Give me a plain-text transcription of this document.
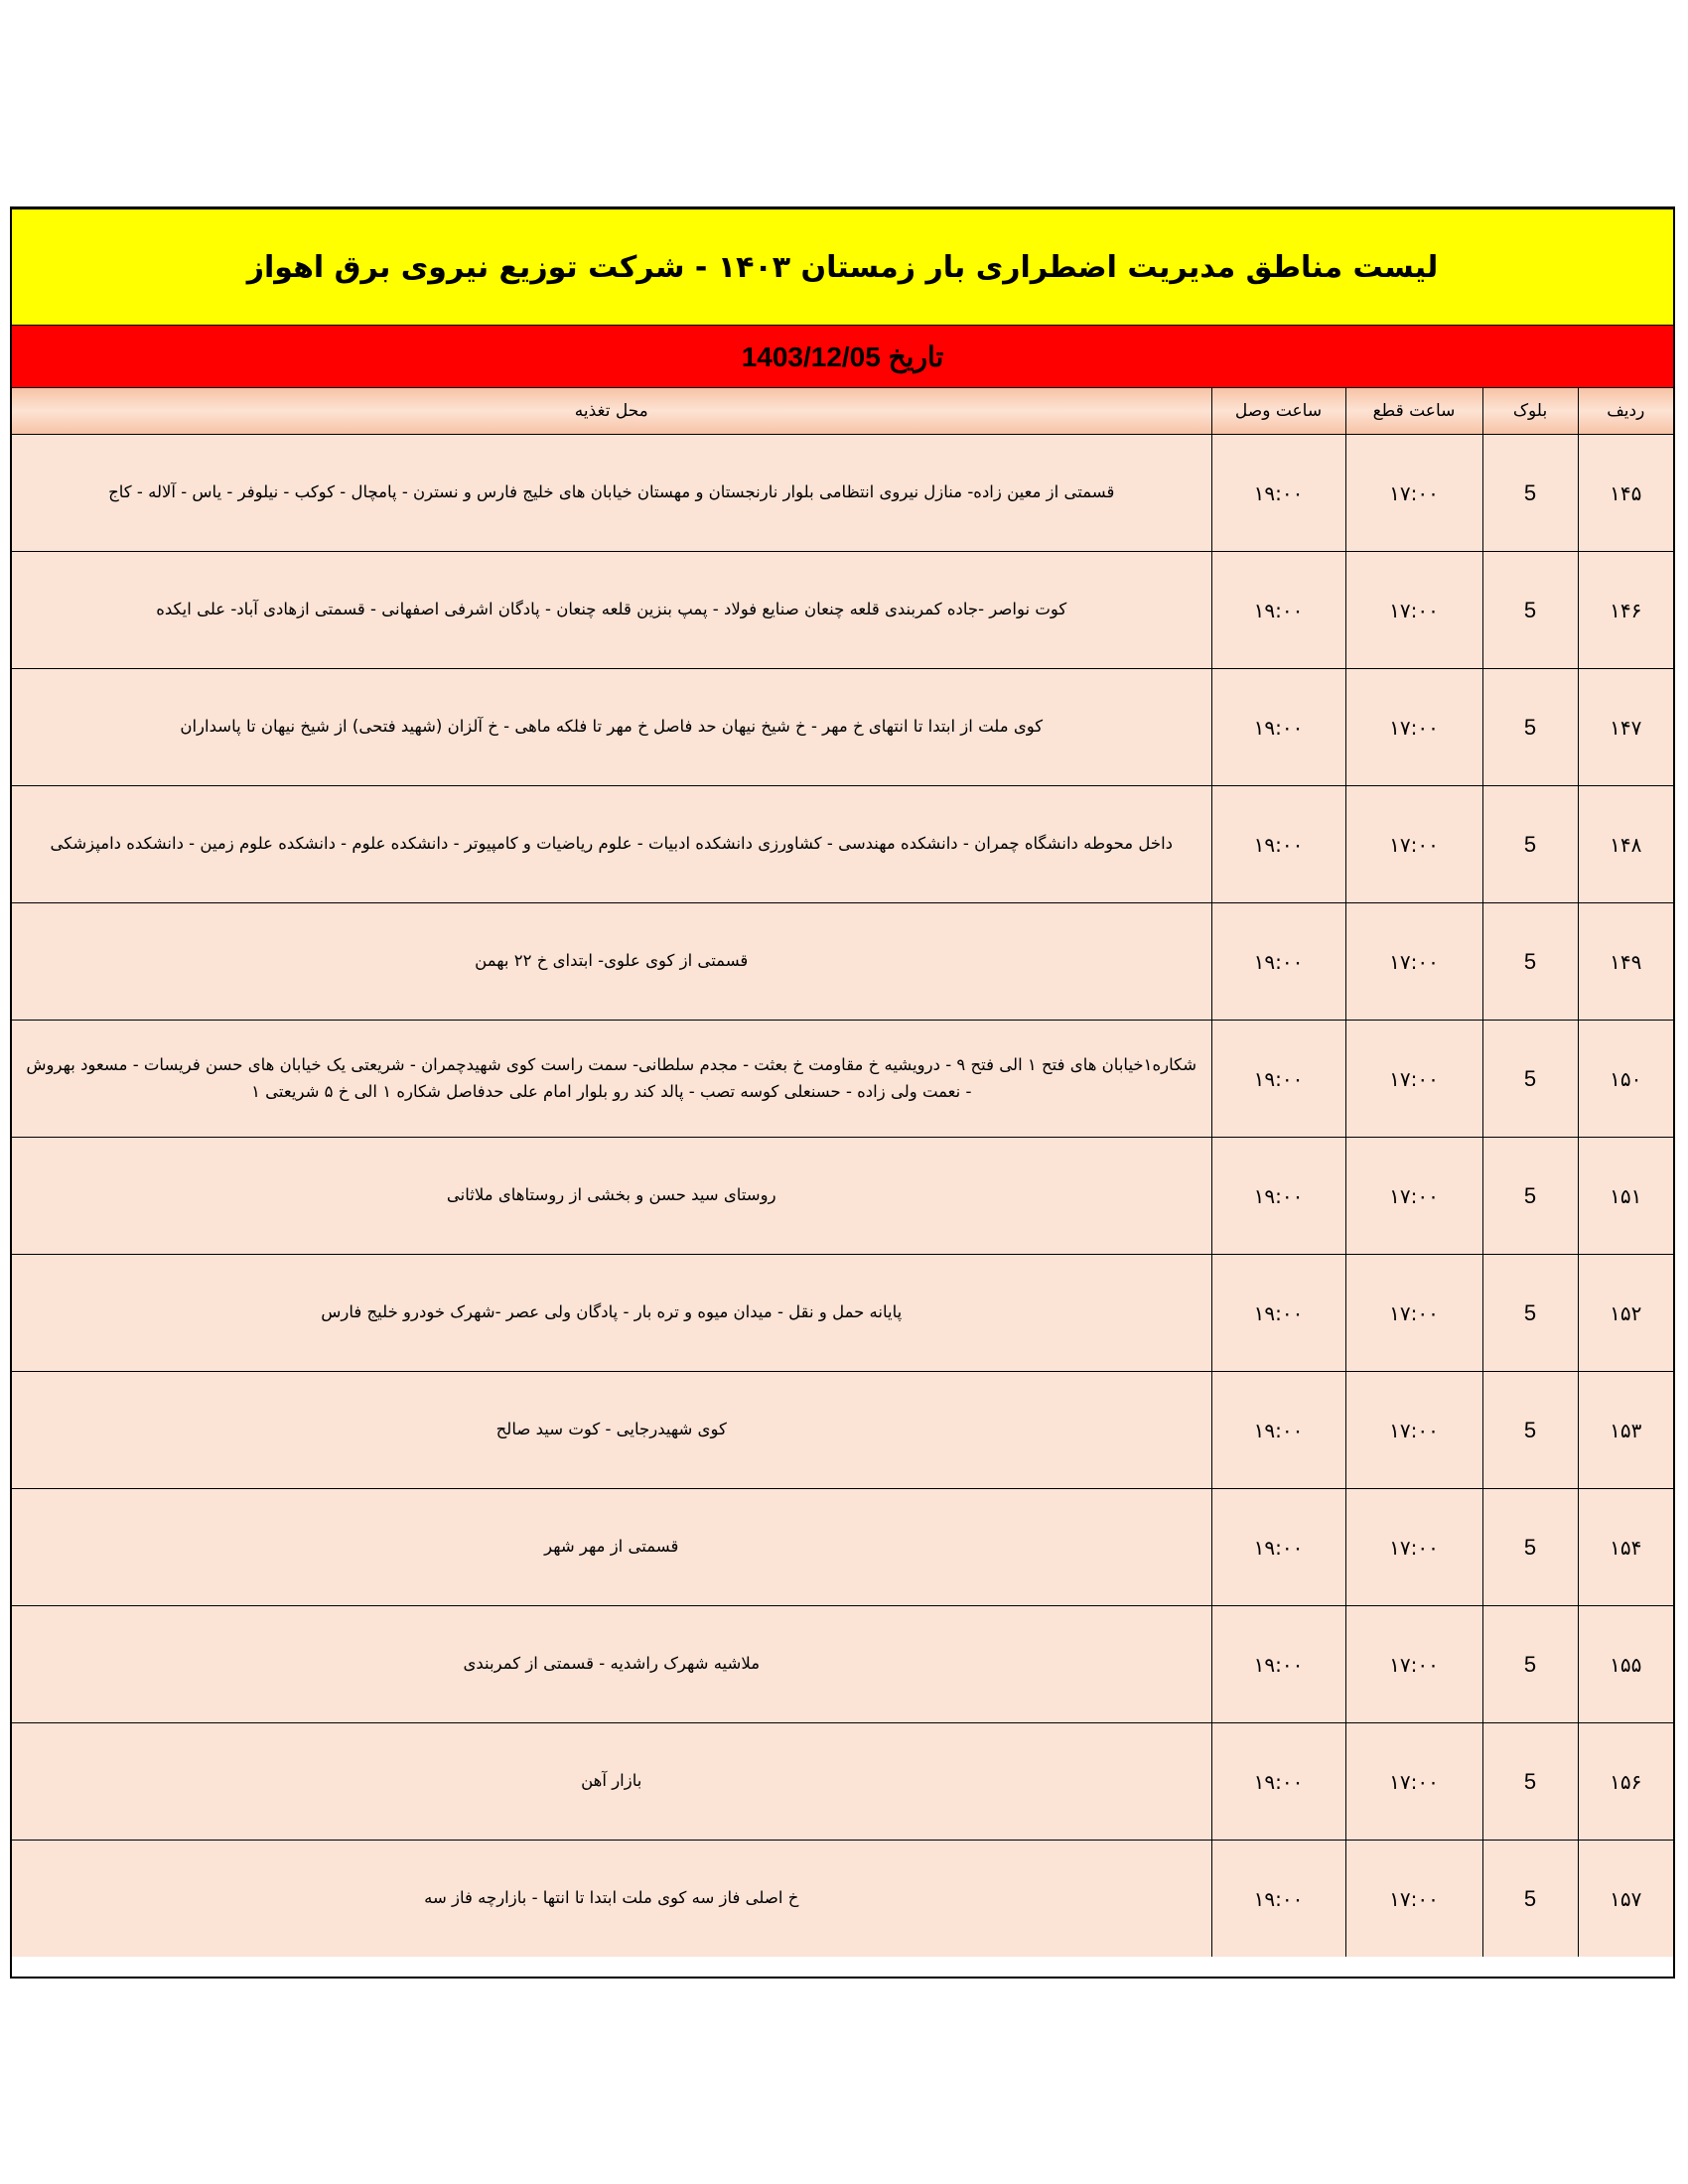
لیست مناطق مدیریت اضطراری بار زمستان ۱۴۰۳ - شرکت توزیع نیروی برق اهواز
تاریخ 1403/12/05
ردیف	بلوک	ساعت قطع	ساعت وصل	محل تغذیه
۱۴۵	5	۱۷:۰۰	۱۹:۰۰	قسمتی از معین زاده- منازل نیروی انتظامی بلوار نارنجستان و مهستان خیابان های خلیج فارس و نسترن - پامچال - کوکب - نیلوفر - یاس - آلاله - کاج
۱۴۶	5	۱۷:۰۰	۱۹:۰۰	کوت نواصر -جاده کمربندی قلعه چنعان صنایع فولاد - پمپ بنزین قلعه چنعان - پادگان اشرفی اصفهانی - قسمتی ازهادی آباد- علی ایکده
۱۴۷	5	۱۷:۰۰	۱۹:۰۰	کوی ملت از ابتدا تا انتهای خ مهر - خ شیخ نیهان حد فاصل خ مهر تا فلکه ماهی - خ آلزان (شهید فتحی) از شیخ نیهان تا پاسداران
۱۴۸	5	۱۷:۰۰	۱۹:۰۰	داخل محوطه دانشگاه چمران - دانشکده مهندسی - کشاورزی دانشکده ادبیات - علوم ریاضیات و کامپیوتر - دانشکده علوم - دانشکده علوم زمین - دانشکده دامپزشکی
۱۴۹	5	۱۷:۰۰	۱۹:۰۰	قسمتی از کوی علوی- ابتدای خ ۲۲ بهمن
۱۵۰	5	۱۷:۰۰	۱۹:۰۰	شکاره۱خیابان های فتح ۱ الی فتح ۹ - درویشیه خ مقاومت خ بعثت - مجدم سلطانی- سمت راست کوی شهیدچمران - شریعتی یک خیابان های حسن فریسات - مسعود بهروش - نعمت ولی زاده - حسنعلی کوسه تصب - پالد کند رو بلوار امام علی حدفاصل شکاره ۱ الی خ ۵ شریعتی ۱
۱۵۱	5	۱۷:۰۰	۱۹:۰۰	روستای سید حسن و بخشی از روستاهای ملاثانی
۱۵۲	5	۱۷:۰۰	۱۹:۰۰	پایانه حمل و نقل - میدان میوه و تره بار - پادگان ولی عصر -شهرک خودرو خلیج فارس
۱۵۳	5	۱۷:۰۰	۱۹:۰۰	کوی شهیدرجایی - کوت سید صالح
۱۵۴	5	۱۷:۰۰	۱۹:۰۰	قسمتی از مهر شهر
۱۵۵	5	۱۷:۰۰	۱۹:۰۰	ملاشیه شهرک راشدیه - قسمتی از کمربندی
۱۵۶	5	۱۷:۰۰	۱۹:۰۰	بازار آهن
۱۵۷	5	۱۷:۰۰	۱۹:۰۰	خ اصلی فاز سه کوی ملت ابتدا تا انتها - بازارچه فاز سه
